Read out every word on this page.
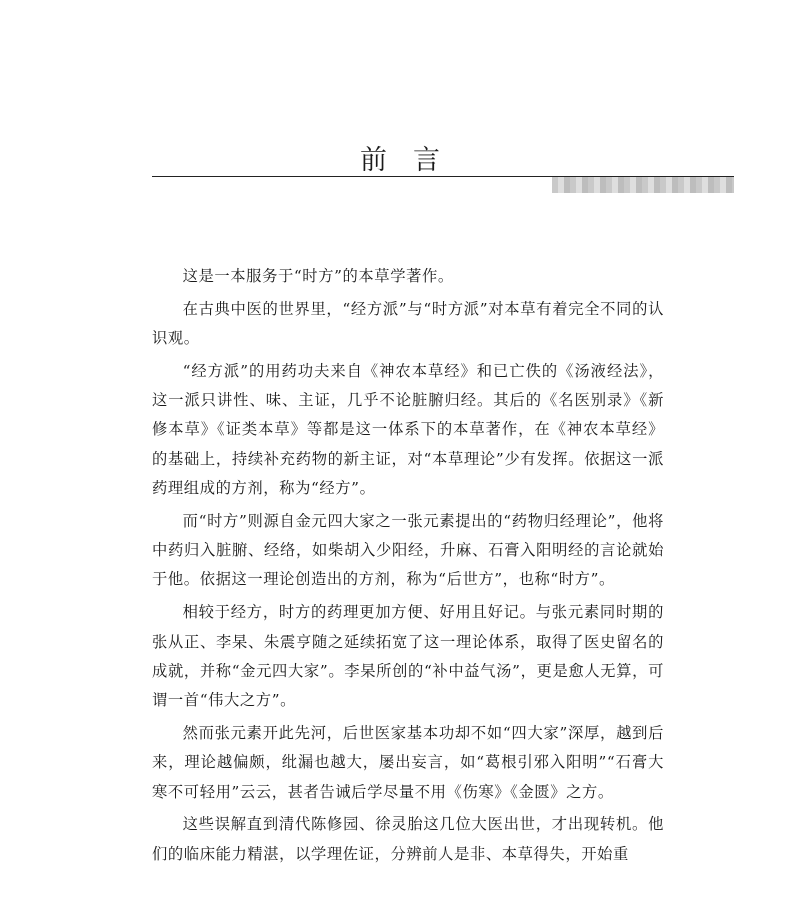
前言

这是一本服务于“时方”的本草学著作。

在古典中医的世界里，“经方派”与“时方派”对本草有着完全不同的认识观。

“经方派”的用药功夫来自《神农本草经》和已亡佚的《汤液经法》，这一派只讲性、味、主证，几乎不论脏腑归经。其后的《名医别录》《新修本草》《证类本草》等都是这一体系下的本草著作，在《神农本草经》的基础上，持续补充药物的新主证，对“本草理论”少有发挥。依据这一派药理组成的方剂，称为“经方”。

而“时方”则源自金元四大家之一张元素提出的“药物归经理论”，他将中药归入脏腑、经络，如柴胡入少阳经，升麻、石膏入阳明经的言论就始于他。依据这一理论创造出的方剂，称为“后世方”，也称“时方”。

相较于经方，时方的药理更加方便、好用且好记。与张元素同时期的张从正、李杲、朱震亨随之延续拓宽了这一理论体系，取得了医史留名的成就，并称“金元四大家”。李杲所创的“补中益气汤”，更是愈人无算，可谓一首“伟大之方”。

然而张元素开此先河，后世医家基本功却不如“四大家”深厚，越到后来，理论越偏颇，纰漏也越大，屡出妄言，如“葛根引邪入阳明”“石膏大寒不可轻用”云云，甚者告诫后学尽量不用《伤寒》《金匮》之方。

这些误解直到清代陈修园、徐灵胎这几位大医出世，才出现转机。他们的临床能力精湛，以学理佐证，分辨前人是非、本草得失，开始重
